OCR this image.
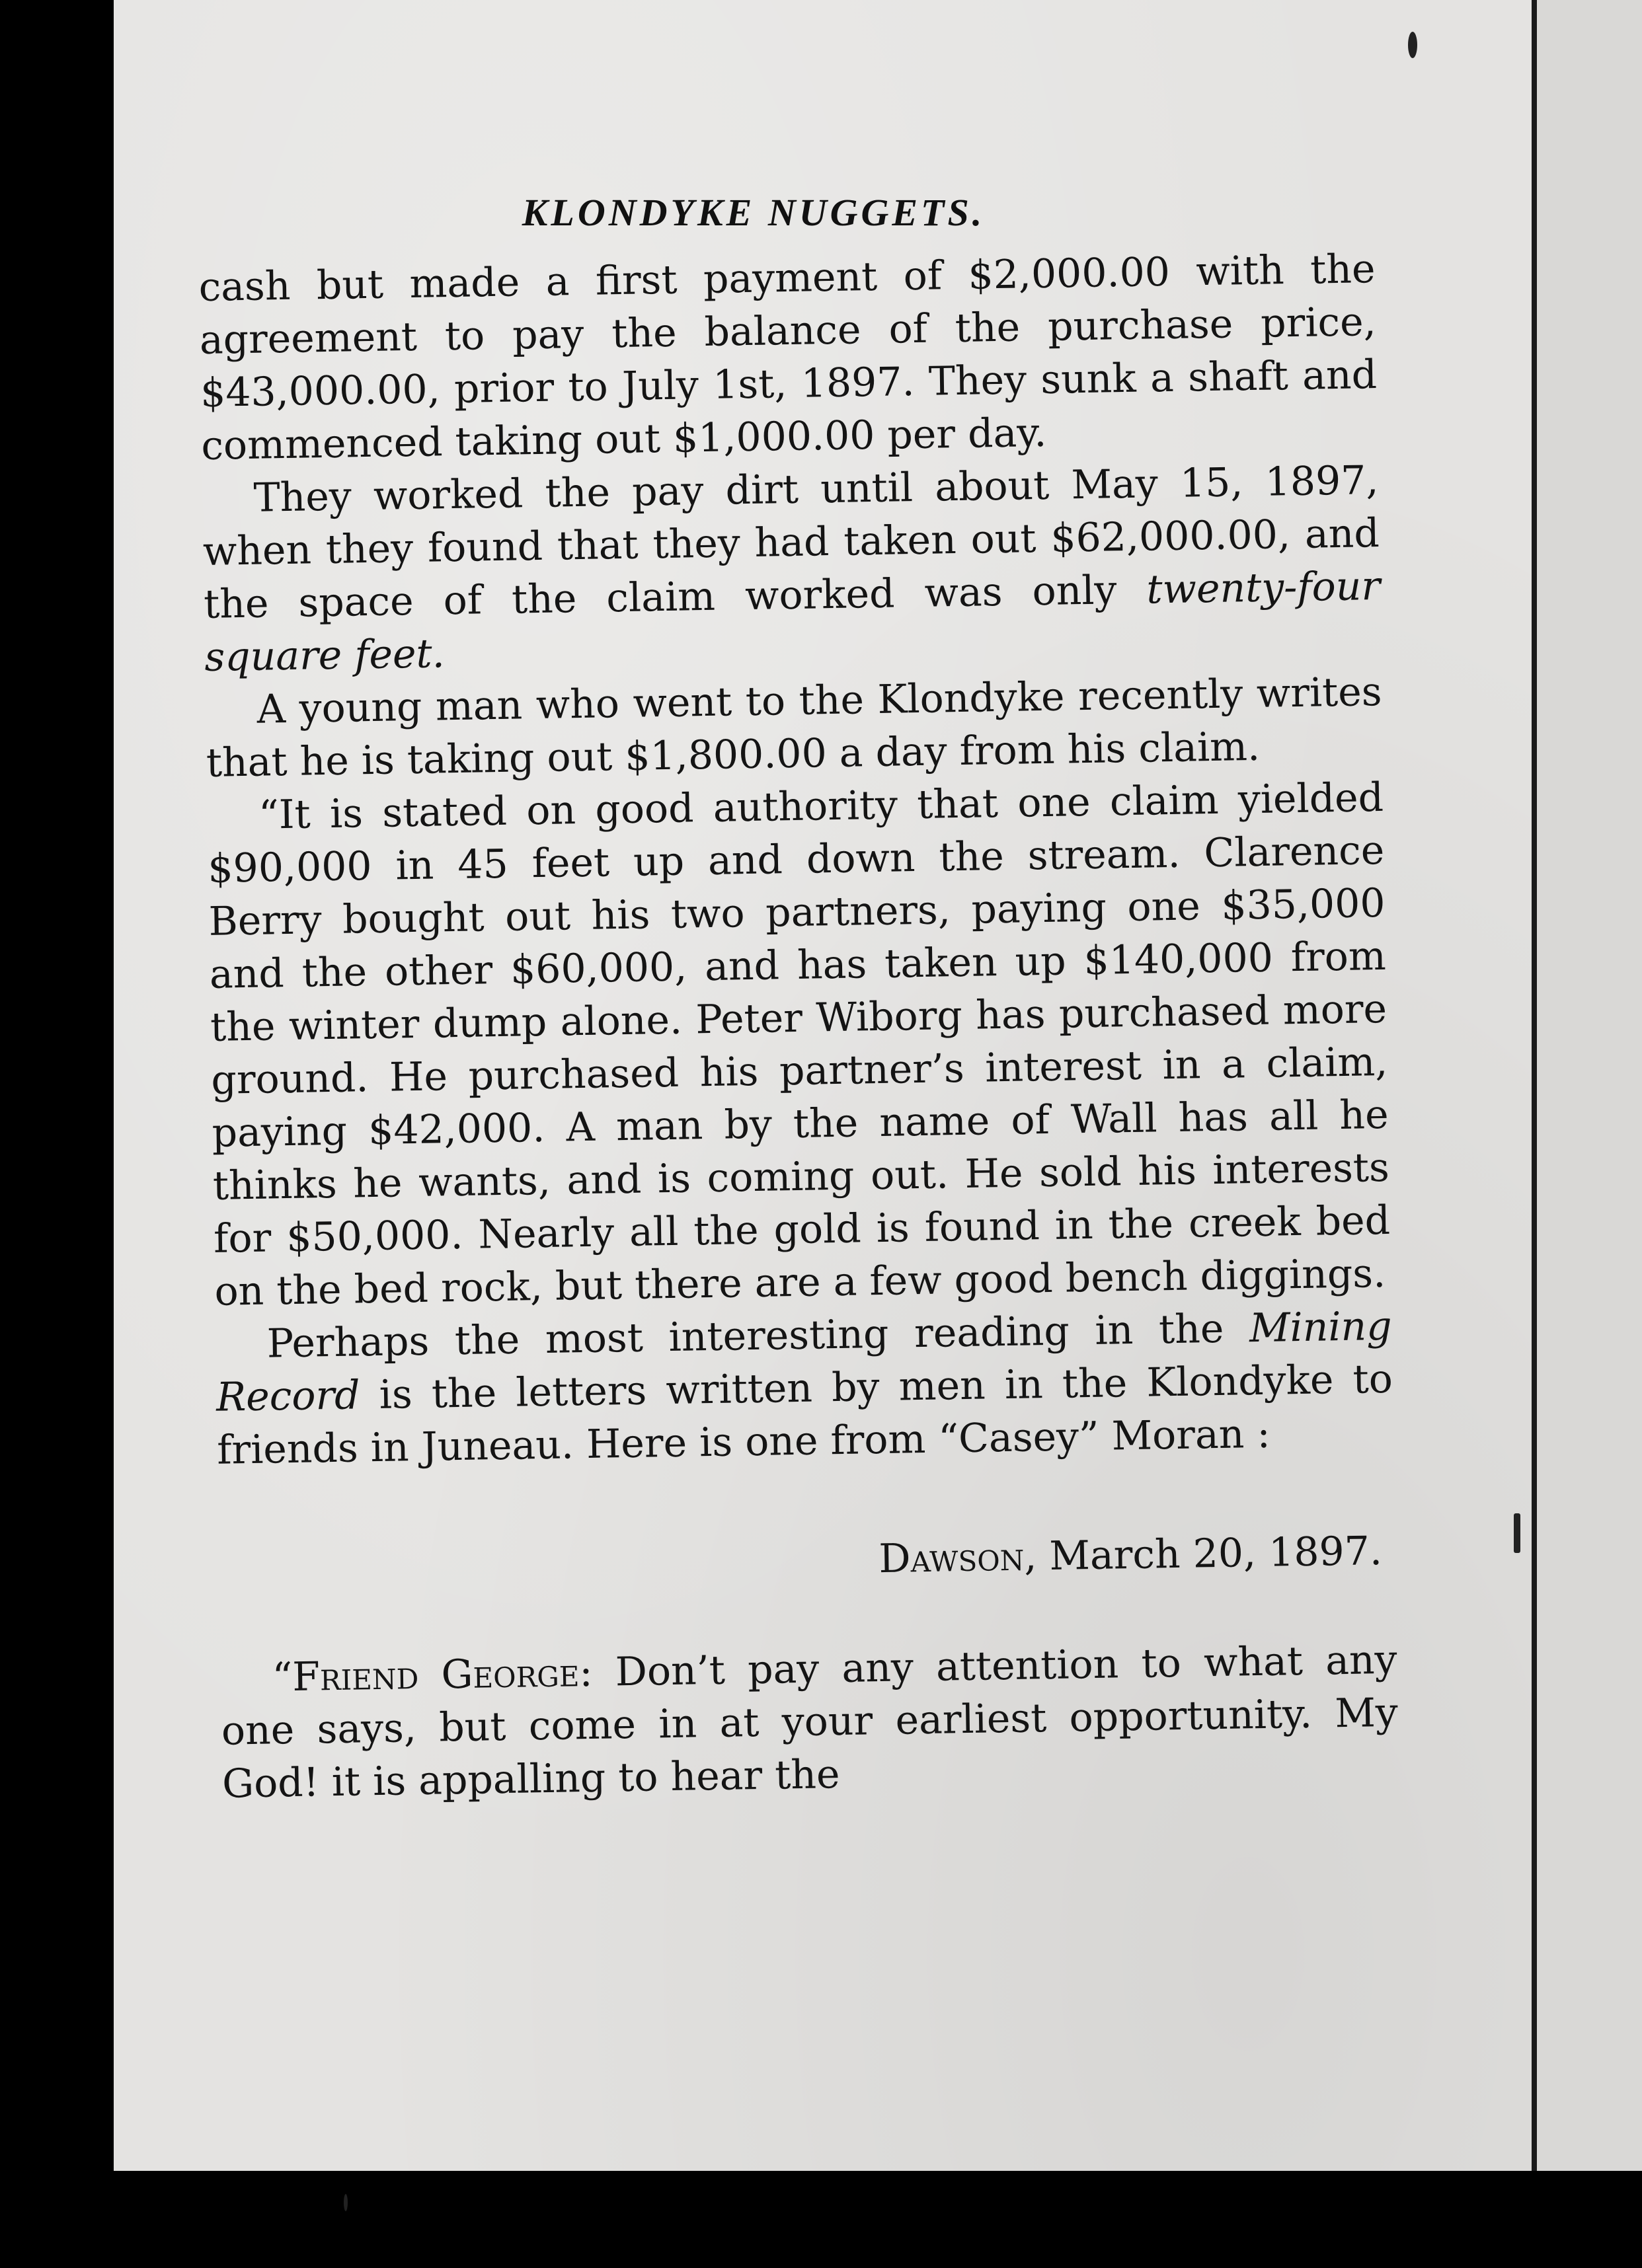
KLONDYKE NUGGETS.

cash but made a first payment of $2,000.00 with the agreement to pay the balance of the purchase price, $43,000.00, prior to July 1st, 1897. They sunk a shaft and commenced taking out $1,000.00 per day.

They worked the pay dirt until about May 15, 1897, when they found that they had taken out $62,000.00, and the space of the claim worked was only twenty-four square feet.

A young man who went to the Klondyke recently writes that he is taking out $1,800.00 a day from his claim.

“It is stated on good authority that one claim yielded $90,000 in 45 feet up and down the stream. Clarence Berry bought out his two partners, paying one $35,000 and the other $60,000, and has taken up $140,000 from the winter dump alone. Peter Wiborg has purchased more ground. He purchased his partner’s interest in a claim, paying $42,000. A man by the name of Wall has all he thinks he wants, and is coming out. He sold his interests for $50,000. Nearly all the gold is found in the creek bed on the bed rock, but there are a few good bench diggings.

Perhaps the most interesting reading in the Mining Record is the letters written by men in the Klondyke to friends in Juneau. Here is one from “Casey” Moran :

Dawson, March 20, 1897.

“Friend George: Don’t pay any attention to what any one says, but come in at your earliest opportunity. My God! it is appalling to hear the
